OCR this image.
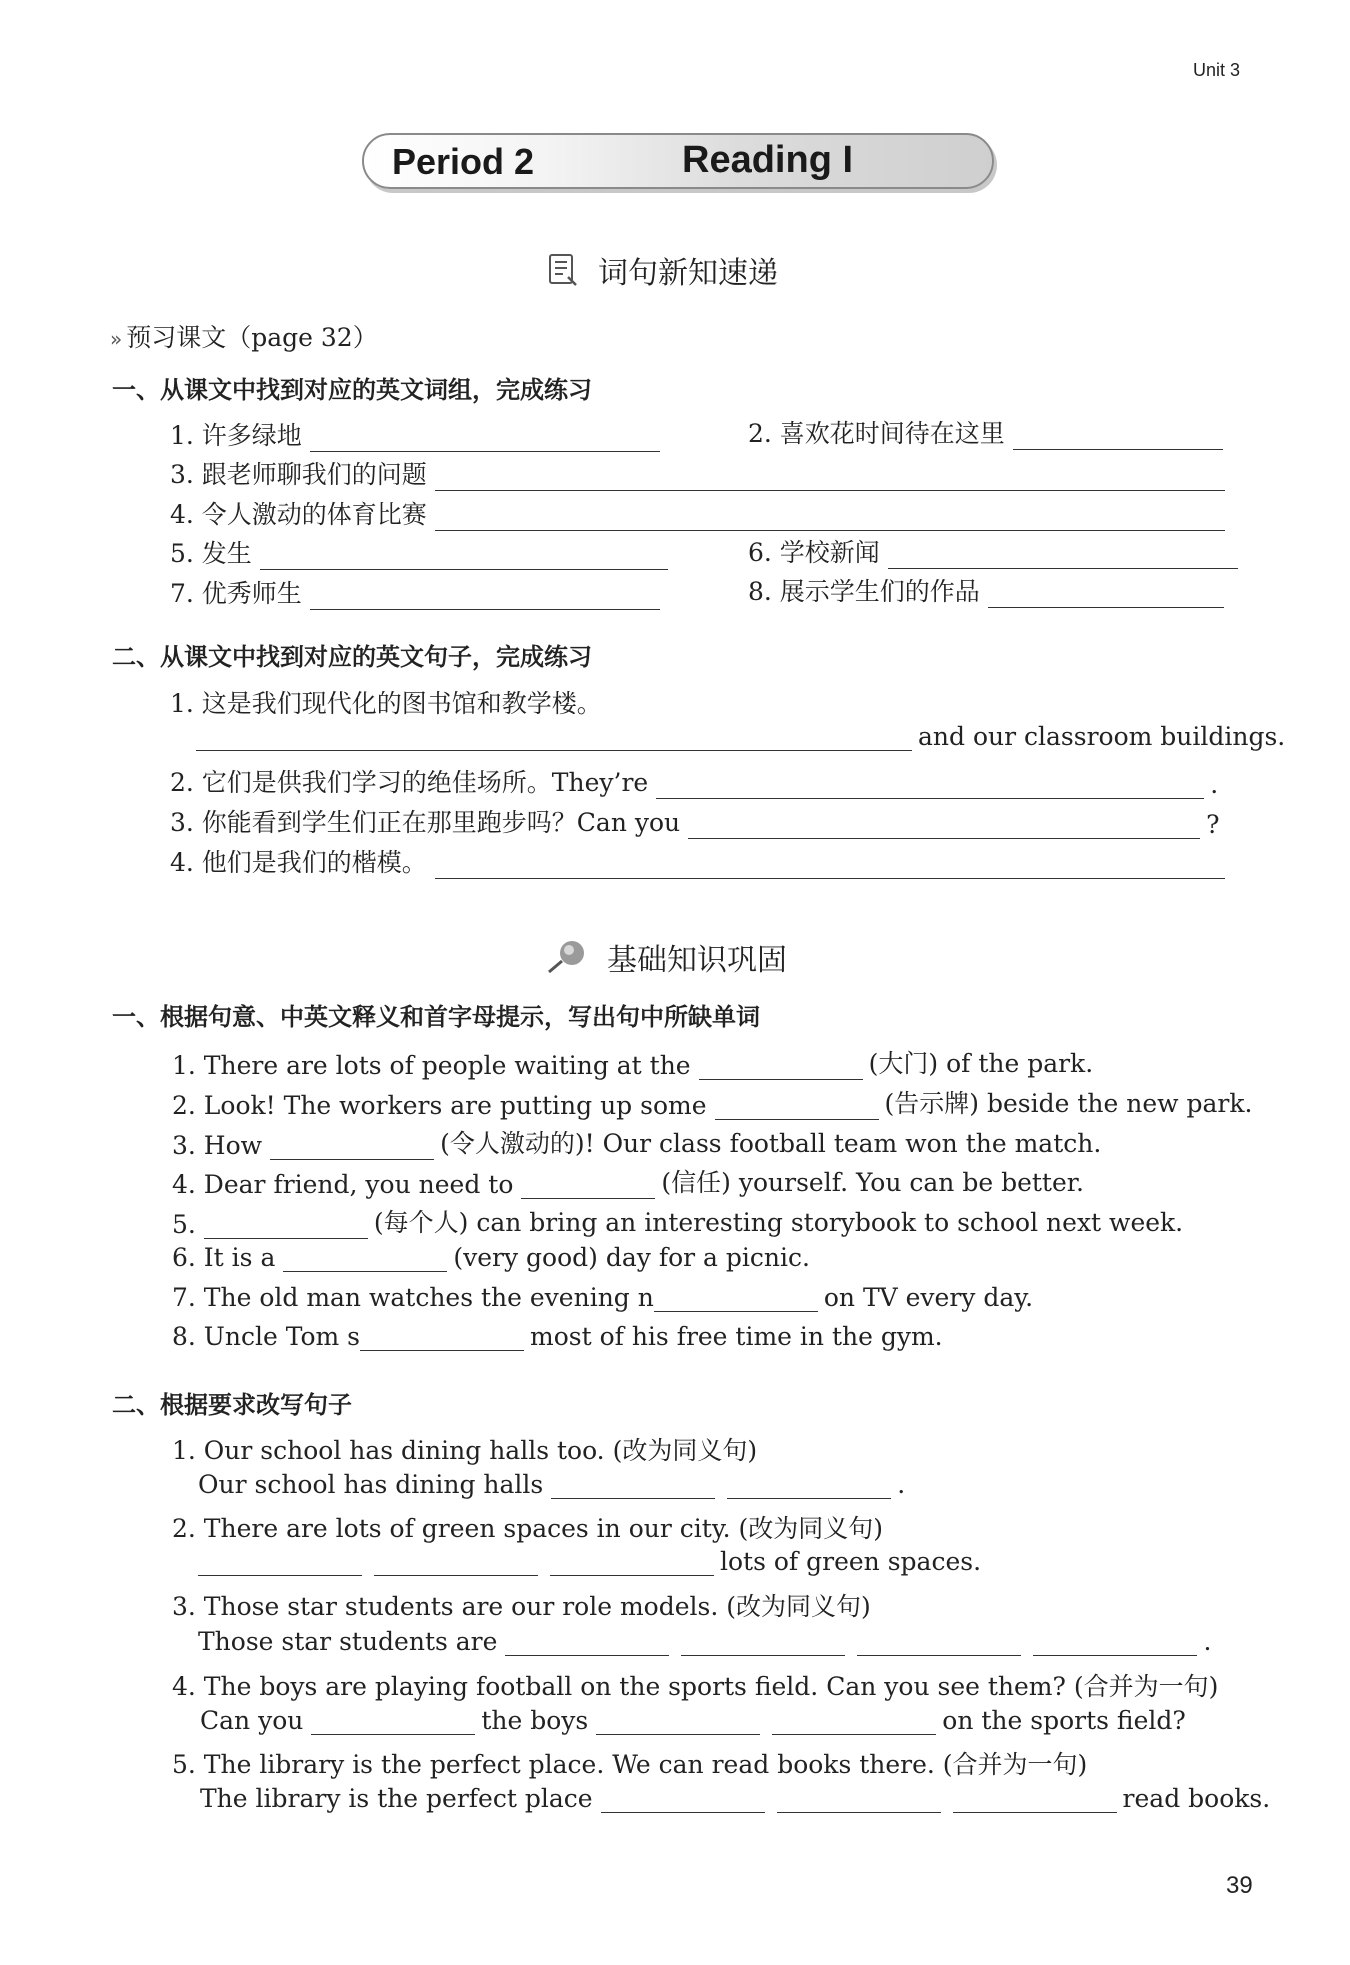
Unit 3
Period 2	Reading I
词句新知速递
» 预习课文（page 32）
一、从课文中找到对应的英文词组，完成练习
1. 许多绿地	2. 喜欢花时间待在这里
3. 跟老师聊我们的问题
4. 令人激动的体育比赛
5. 发生	6. 学校新闻
7. 优秀师生	8. 展示学生们的作品
二、从课文中找到对应的英文句子，完成练习
1. 这是我们现代化的图书馆和教学楼。
and our classroom buildings.
2. 它们是供我们学习的绝佳场所。They’re	.
3. 你能看到学生们正在那里跑步吗？Can you	?
4. 他们是我们的楷模。
基础知识巩固
一、根据句意、中英文释义和首字母提示，写出句中所缺单词
1. There are lots of people waiting at the	(大门) of the park.
2. Look! The workers are putting up some	(告示牌) beside the new park.
3. How	(令人激动的)! Our class football team won the match.
4. Dear friend, you need to	(信任) yourself. You can be better.
5.	(每个人) can bring an interesting storybook to school next week.
6. It is a	(very good) day for a picnic.
7. The old man watches the evening n	on TV every day.
8. Uncle Tom s	most of his free time in the gym.
二、根据要求改写句子
1. Our school has dining halls too. (改为同义句)
Our school has dining halls	.
2. There are lots of green spaces in our city. (改为同义句)
lots of green spaces.
3. Those star students are our role models. (改为同义句)
Those star students are	.
4. The boys are playing football on the sports field. Can you see them? (合并为一句)
Can you	the boys	on the sports field?
5. The library is the perfect place. We can read books there. (合并为一句)
The library is the perfect place	read books.
39
